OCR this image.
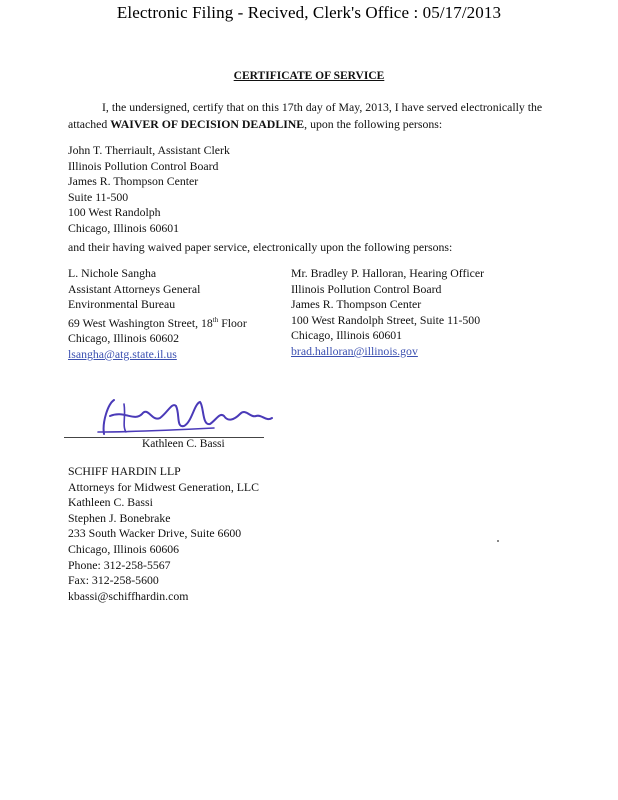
Electronic Filing - Recived, Clerk's Office : 05/17/2013
CERTIFICATE OF SERVICE
I, the undersigned, certify that on this 17th day of May, 2013, I have served electronically the attached WAIVER OF DECISION DEADLINE, upon the following persons:
John T. Therriault, Assistant Clerk
Illinois Pollution Control Board
James R. Thompson Center
Suite 11-500
100 West Randolph
Chicago, Illinois 60601
and their having waived paper service, electronically upon the following persons:
L. Nichole Sangha
Assistant Attorneys General
Environmental Bureau
69 West Washington Street, 18th Floor
Chicago, Illinois 60602
lsangha@atg.state.il.us
Mr. Bradley P. Halloran, Hearing Officer
Illinois Pollution Control Board
James R. Thompson Center
100 West Randolph Street, Suite 11-500
Chicago, Illinois 60601
brad.halloran@illinois.gov
Kathleen C. Bassi
SCHIFF HARDIN LLP
Attorneys for Midwest Generation, LLC
Kathleen C. Bassi
Stephen J. Bonebrake
233 South Wacker Drive, Suite 6600
Chicago, Illinois 60606
Phone: 312-258-5567
Fax: 312-258-5600
kbassi@schiffhardin.com
